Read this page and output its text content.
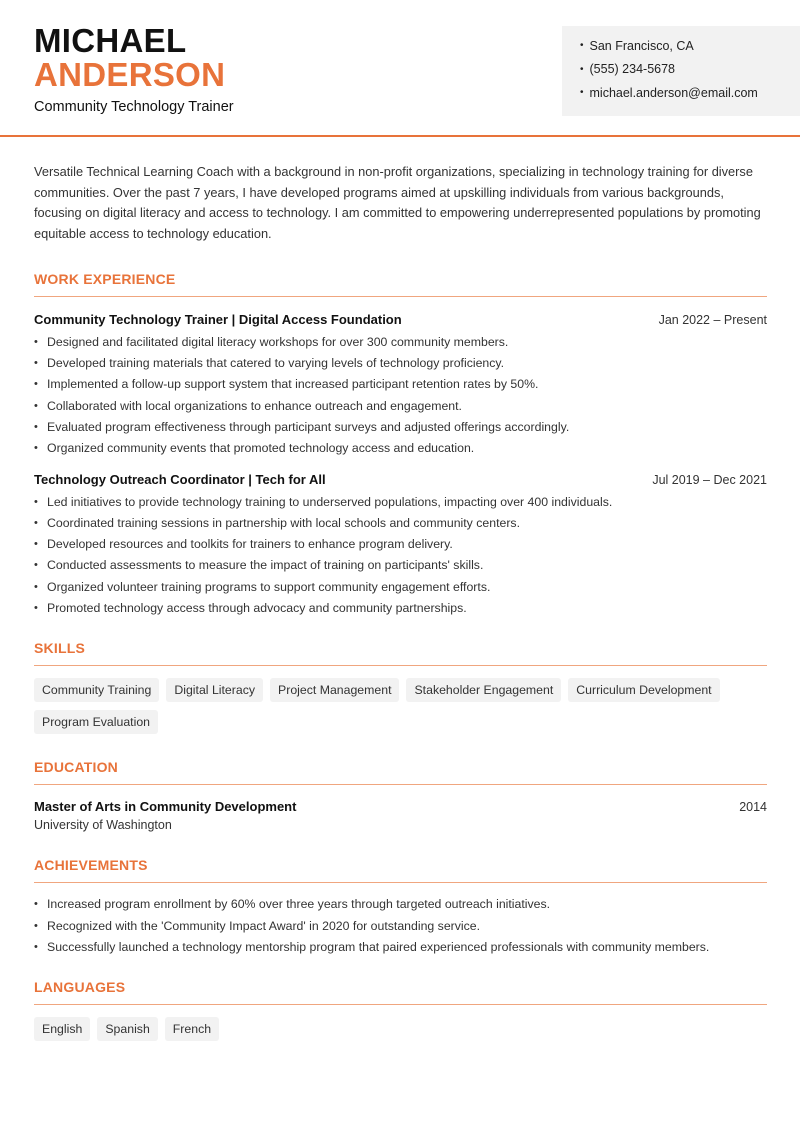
MICHAEL
ANDERSON
Community Technology Trainer
• San Francisco, CA
• (555) 234-5678
• michael.anderson@email.com

Versatile Technical Learning Coach with a background in non-profit organizations, specializing in technology training for diverse communities. Over the past 7 years, I have developed programs aimed at upskilling individuals from various backgrounds, focusing on digital literacy and access to technology. I am committed to empowering underrepresented populations by promoting equitable access to technology education.

WORK EXPERIENCE
Community Technology Trainer | Digital Access Foundation	Jan 2022 – Present
• Designed and facilitated digital literacy workshops for over 300 community members.
• Developed training materials that catered to varying levels of technology proficiency.
• Implemented a follow-up support system that increased participant retention rates by 50%.
• Collaborated with local organizations to enhance outreach and engagement.
• Evaluated program effectiveness through participant surveys and adjusted offerings accordingly.
• Organized community events that promoted technology access and education.
Technology Outreach Coordinator | Tech for All	Jul 2019 – Dec 2021
• Led initiatives to provide technology training to underserved populations, impacting over 400 individuals.
• Coordinated training sessions in partnership with local schools and community centers.
• Developed resources and toolkits for trainers to enhance program delivery.
• Conducted assessments to measure the impact of training on participants' skills.
• Organized volunteer training programs to support community engagement efforts.
• Promoted technology access through advocacy and community partnerships.
SKILLS
Community Training	Digital Literacy	Project Management	Stakeholder Engagement	Curriculum Development
Program Evaluation
EDUCATION
Master of Arts in Community Development	2014
University of Washington
ACHIEVEMENTS
• Increased program enrollment by 60% over three years through targeted outreach initiatives.
• Recognized with the 'Community Impact Award' in 2020 for outstanding service.
• Successfully launched a technology mentorship program that paired experienced professionals with community members.
LANGUAGES
English	Spanish	French
